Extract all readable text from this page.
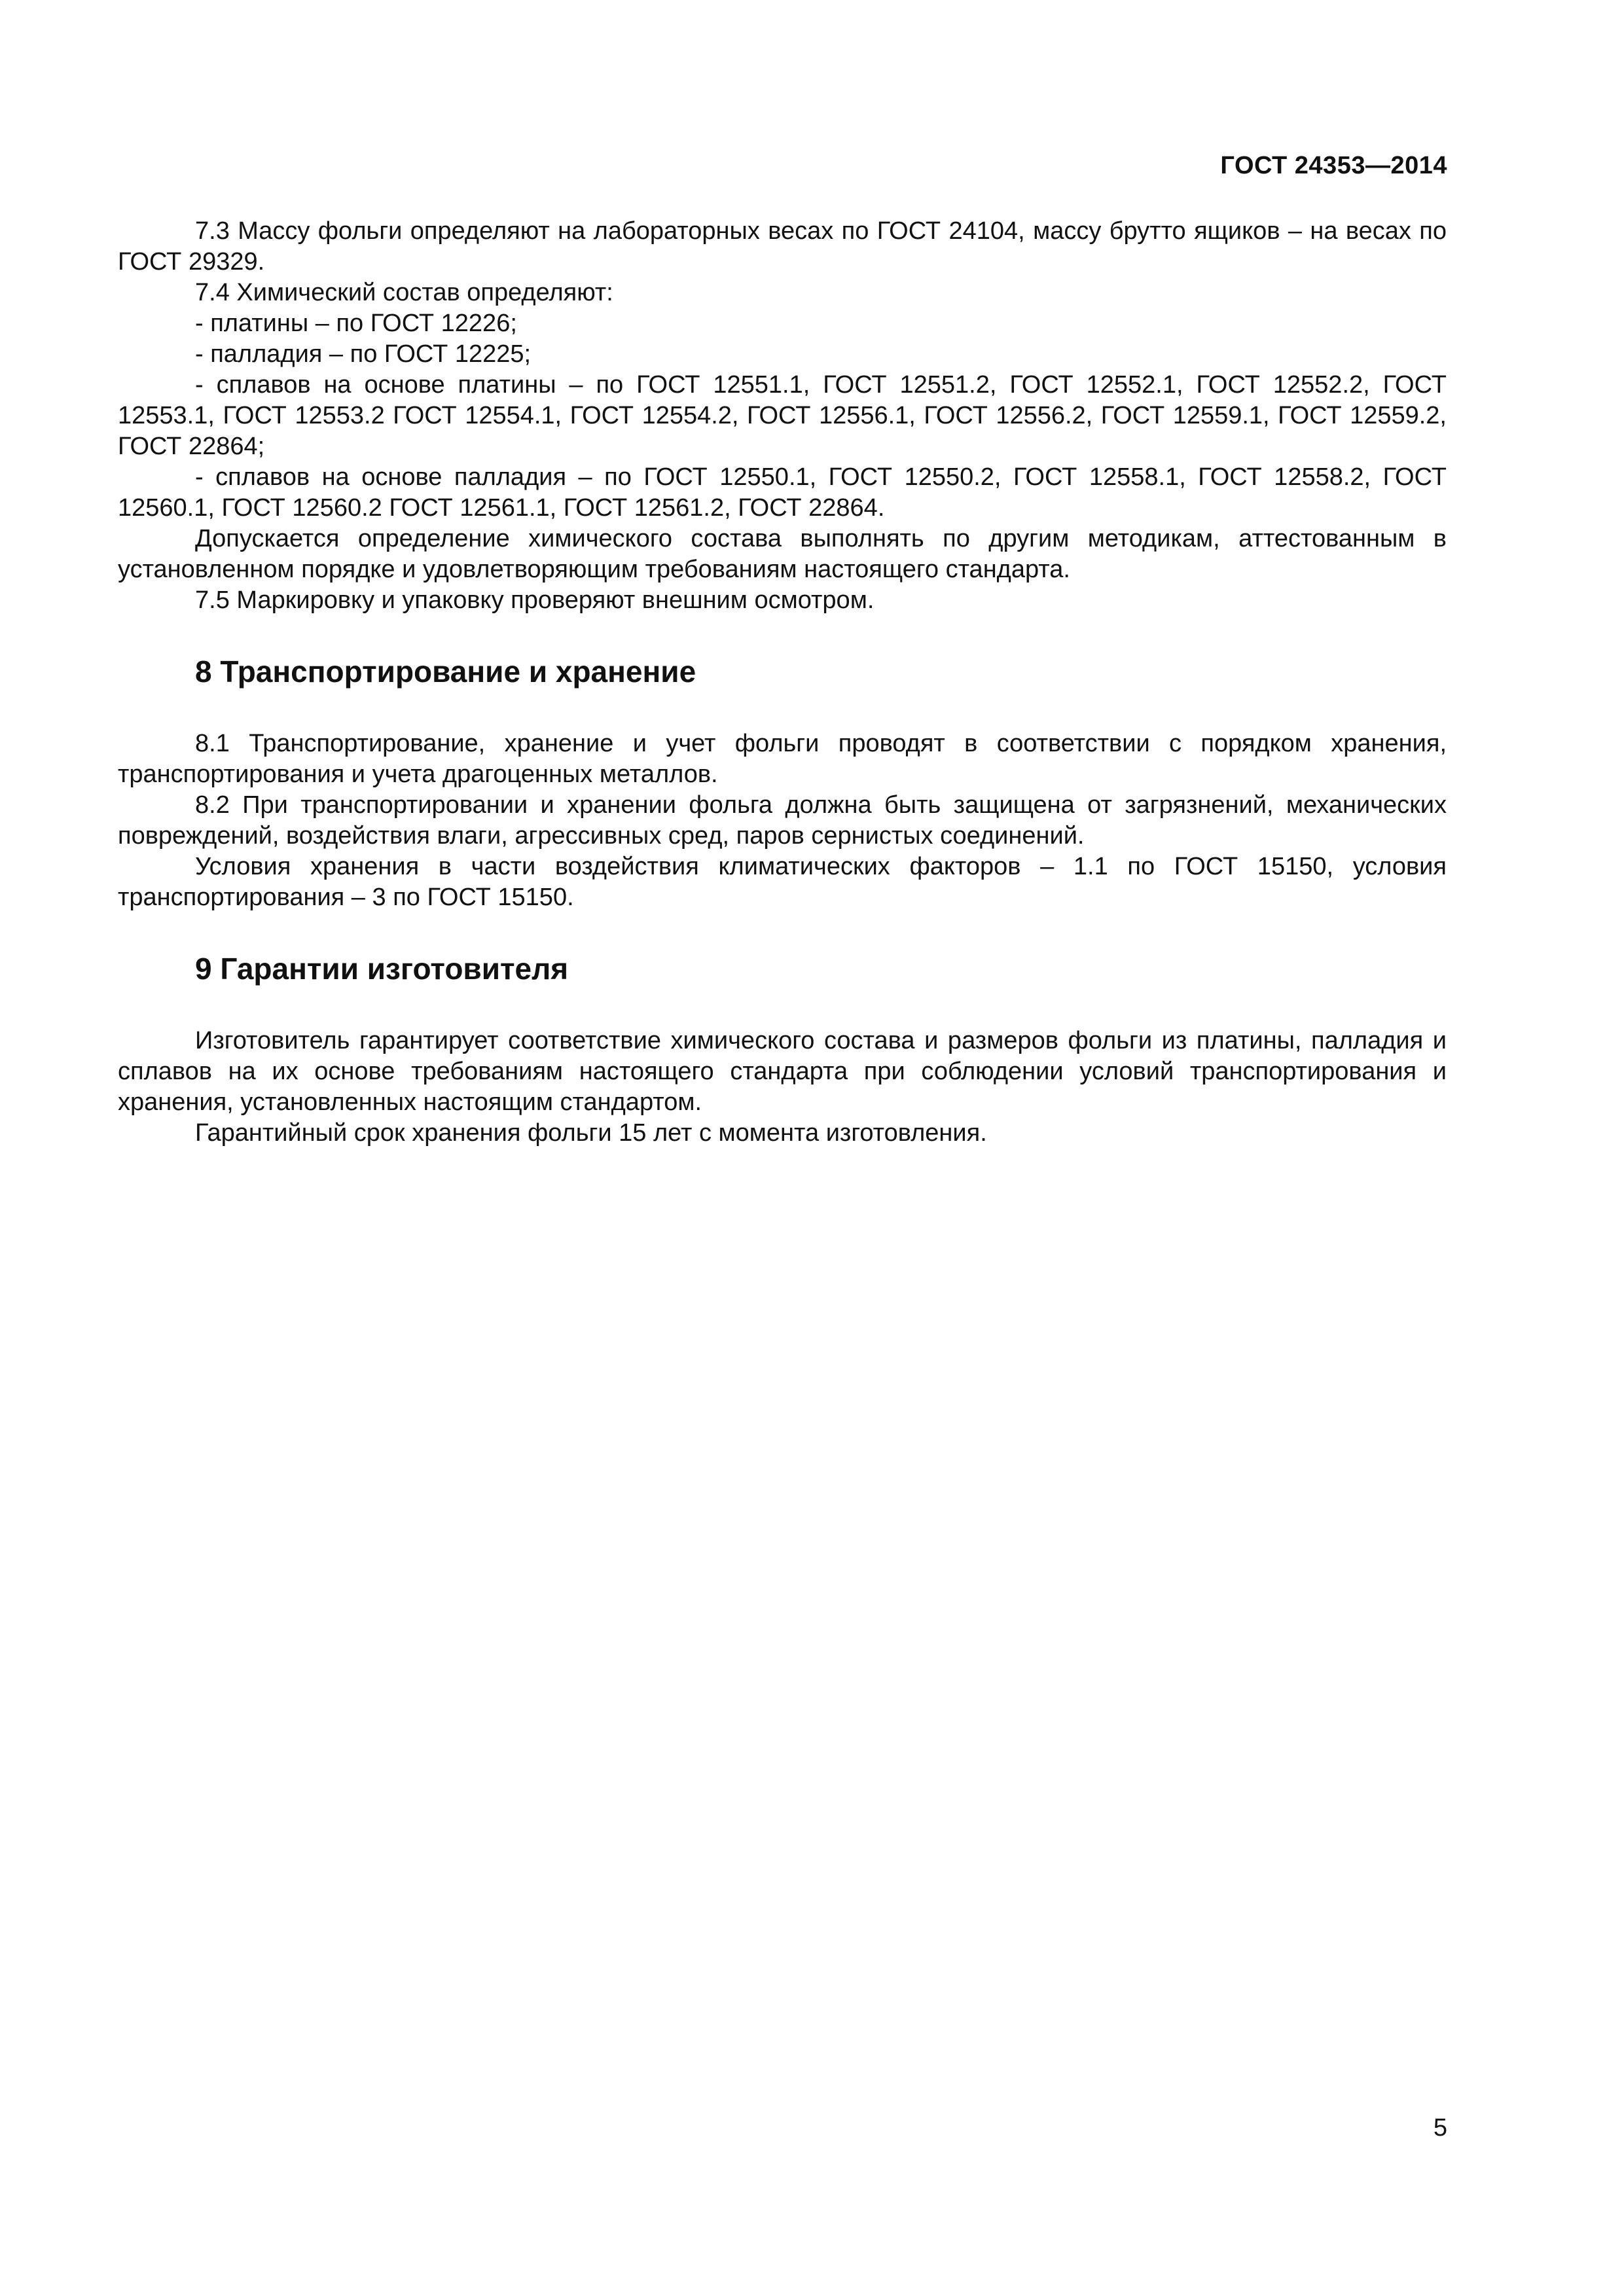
ГОСТ 24353—2014

7.3 Массу фольги определяют на лабораторных весах по ГОСТ 24104, массу брутто ящиков – на весах по ГОСТ 29329.

7.4 Химический состав определяют:

- платины – по ГОСТ 12226;

- палладия – по ГОСТ 12225;

- сплавов на основе платины – по ГОСТ 12551.1, ГОСТ 12551.2, ГОСТ 12552.1, ГОСТ 12552.2, ГОСТ 12553.1, ГОСТ 12553.2 ГОСТ 12554.1, ГОСТ 12554.2, ГОСТ 12556.1, ГОСТ 12556.2, ГОСТ 12559.1, ГОСТ 12559.2, ГОСТ 22864;

- сплавов на основе палладия – по ГОСТ 12550.1, ГОСТ 12550.2, ГОСТ 12558.1, ГОСТ 12558.2, ГОСТ 12560.1, ГОСТ 12560.2 ГОСТ 12561.1, ГОСТ 12561.2, ГОСТ 22864.

Допускается определение химического состава выполнять по другим методикам, аттестованным в установленном порядке и удовлетворяющим требованиям настоящего стандарта.

7.5 Маркировку и упаковку проверяют внешним осмотром.

8 Транспортирование и хранение

8.1 Транспортирование, хранение и учет фольги проводят в соответствии с порядком хранения, транспортирования и учета драгоценных металлов.

8.2 При транспортировании и хранении фольга должна быть защищена от загрязнений, механических повреждений, воздействия влаги, агрессивных сред, паров сернистых соединений.

Условия хранения в части воздействия климатических факторов – 1.1 по ГОСТ 15150, условия транспортирования – 3 по ГОСТ 15150.

9 Гарантии изготовителя

Изготовитель гарантирует соответствие химического состава и размеров фольги из платины, палладия и сплавов на их основе требованиям настоящего стандарта при соблюдении условий транспортирования и хранения, установленных настоящим стандартом.

Гарантийный срок хранения фольги 15 лет с момента изготовления.

5
